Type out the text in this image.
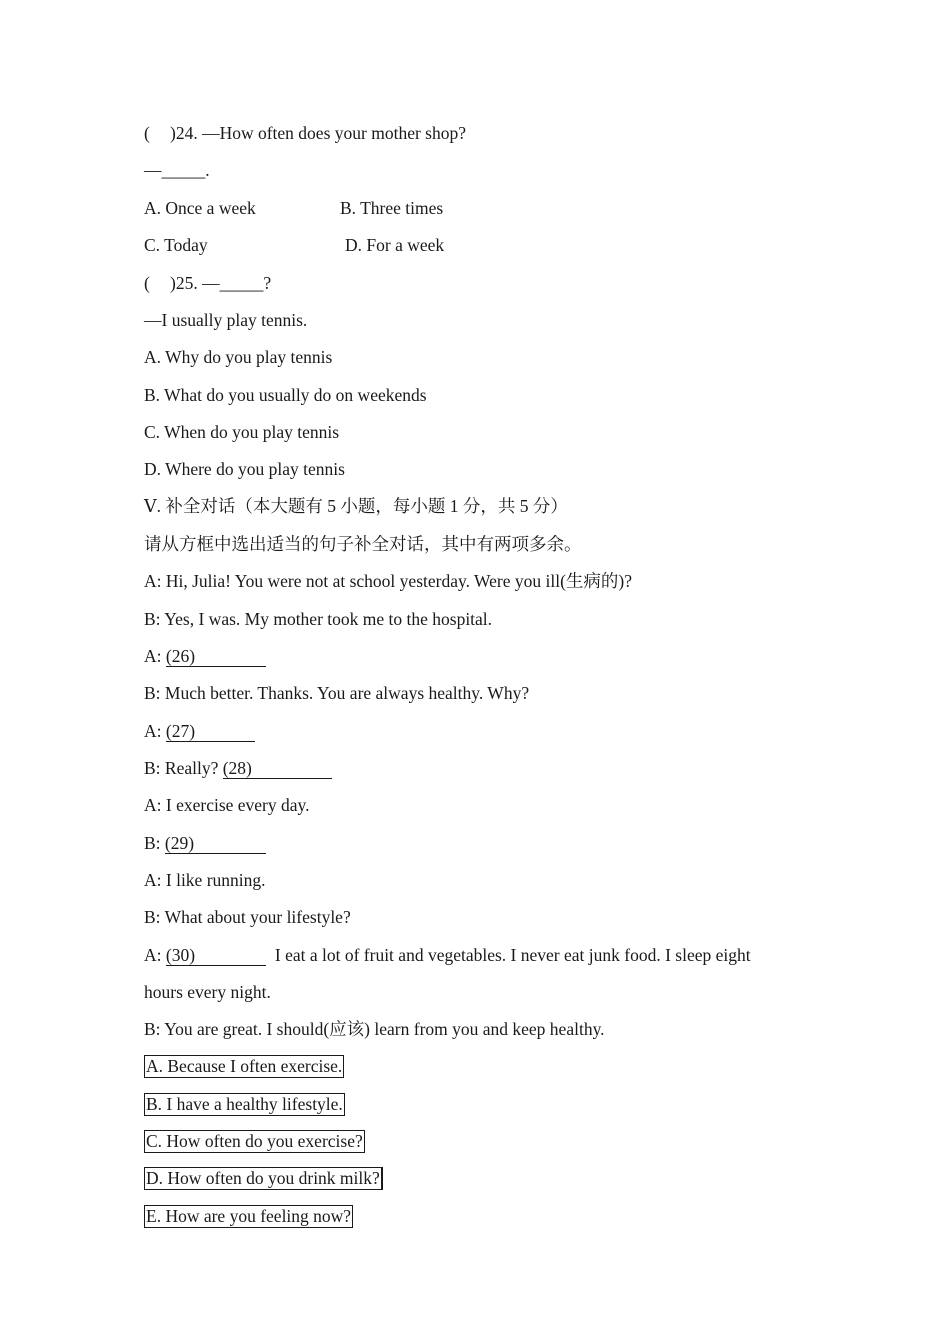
( )24. —How often does your mother shop?
—_____.
A. Once a week	B. Three times
C. Today	D. For a week
( )25. —_____?
—I usually play tennis.
A. Why do you play tennis
B. What do you usually do on weekends
C. When do you play tennis
D. Where do you play tennis
Ⅴ. 补全对话（本大题有 5 小题，每小题 1 分，共 5 分）
请从方框中选出适当的句子补全对话，其中有两项多余。
A: Hi, Julia! You were not at school yesterday. Were you ill(生病的)?
B: Yes, I was. My mother took me to the hospital.
A: (26)
B: Much better. Thanks. You are always healthy. Why?
A: (27)
B: Really? (28)
A: I exercise every day.
B: (29)
A: I like running.
B: What about your lifestyle?
A: (30)	I eat a lot of fruit and vegetables. I never eat junk food. I sleep eight
hours every night.
B: You are great. I should(应该) learn from you and keep healthy.
A. Because I often exercise.
B. I have a healthy lifestyle.
C. How often do you exercise?
D. How often do you drink milk?
E. How are you feeling now?
